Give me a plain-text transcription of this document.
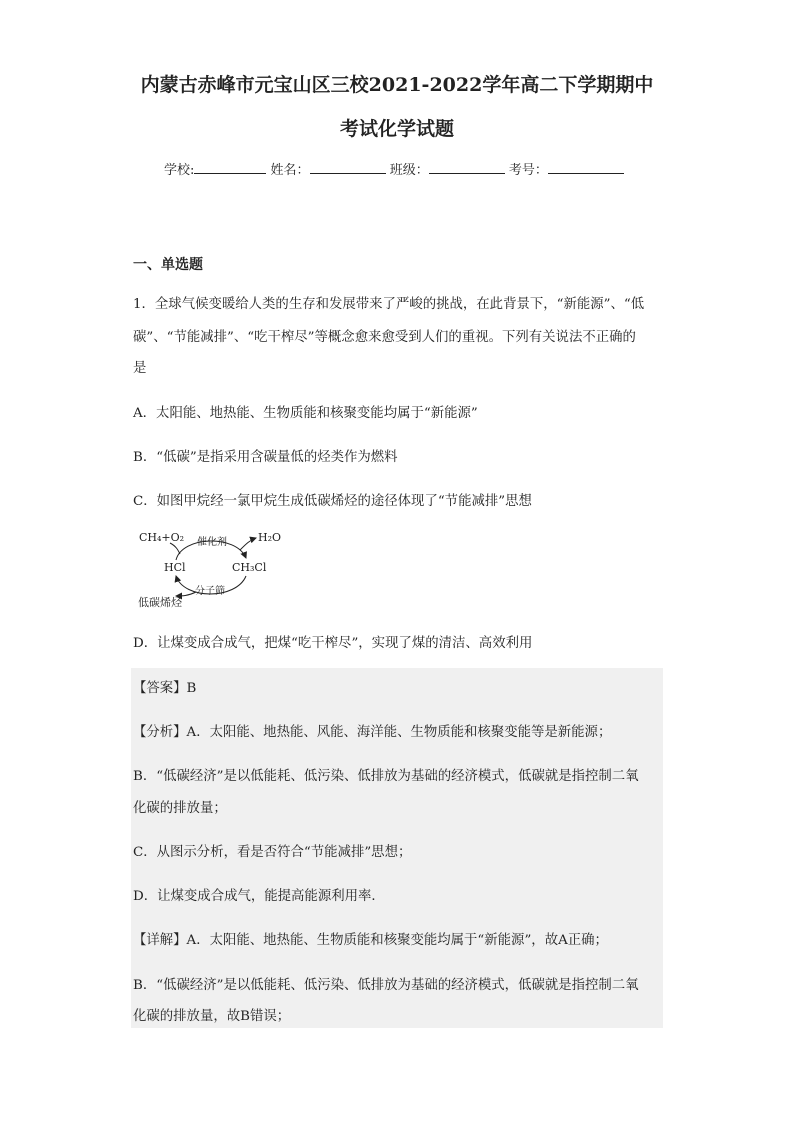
内蒙古赤峰市元宝山区三校2021-2022学年高二下学期期中
考试化学试题
学校:	姓名：	班级：	考号：
一、单选题
1．全球气候变暖给人类的生存和发展带来了严峻的挑战，在此背景下，“新能源”、“低
碳”、“节能减排”、“吃干榨尽”等概念愈来愈受到人们的重视。下列有关说法不正确的
是
A．太阳能、地热能、生物质能和核聚变能均属于“新能源”
B．“低碳”是指采用含碳量低的烃类作为燃料
C．如图甲烷经一氯甲烷生成低碳烯烃的途径体现了“节能减排”思想
CH₄+O₂ 催化剂	H₂O
HCl	CH₃Cl
分子筛
低碳烯烃
D．让煤变成合成气，把煤“吃干榨尽”，实现了煤的清洁、高效利用
【答案】B
【分析】A．太阳能、地热能、风能、海洋能、生物质能和核聚变能等是新能源；
B．“低碳经济”是以低能耗、低污染、低排放为基础的经济模式，低碳就是指控制二氧
化碳的排放量；
C．从图示分析，看是否符合“节能减排”思想；
D．让煤变成合成气，能提高能源利用率．
【详解】A．太阳能、地热能、生物质能和核聚变能均属于“新能源”，故A正确；
B．“低碳经济”是以低能耗、低污染、低排放为基础的经济模式，低碳就是指控制二氧
化碳的排放量，故B错误；
